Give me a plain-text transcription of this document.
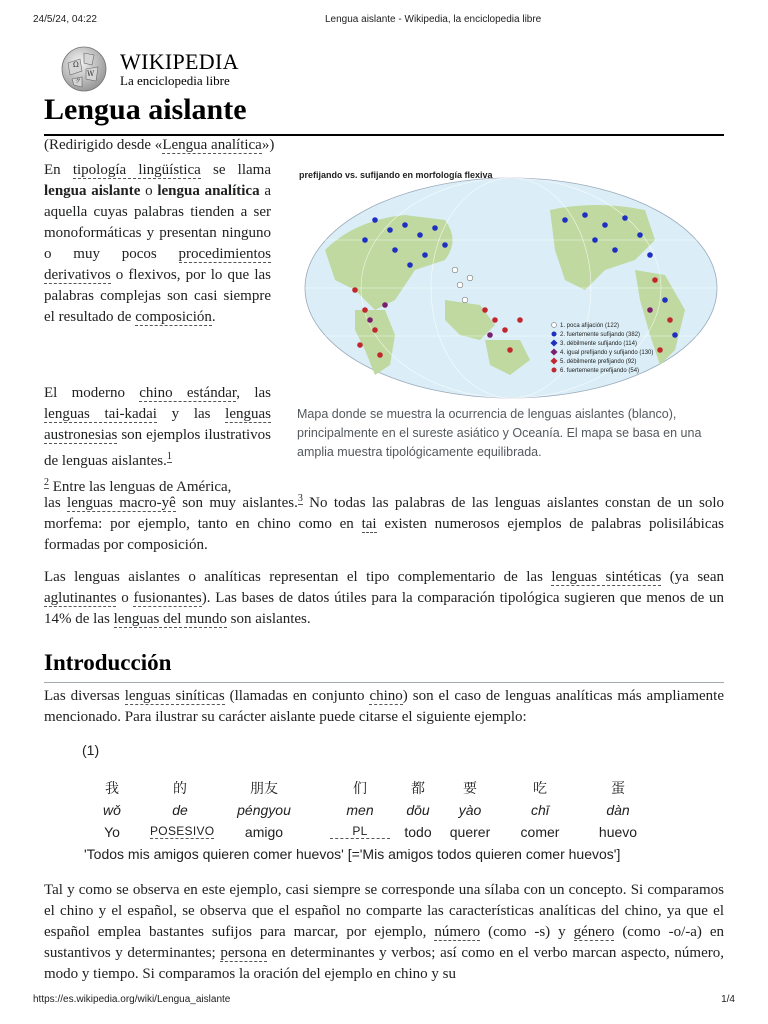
24/5/24, 04:22	Lengua aislante - Wikipedia, la enciclopedia libre
Ω
W
ク
WIKIPEDIA
La enciclopedia libre
Lengua aislante
(Redirigido desde «Lengua analítica»)

En tipología lingüística se llama lengua aislante o lengua analítica a aquella cuyas palabras tienden a ser monoformáticas y presentan ninguno o muy pocos procedimientos derivativos o flexivos, por lo que las palabras complejas son casi siempre el resultado de composición.

El moderno chino estándar, las lenguas tai-kadai y las lenguas austronesias son ejemplos ilustrativos de lenguas aislantes.$^1$
$^2$ Entre las lenguas de América,

1. poca afijación (122)
2. fuertemente sufijando (382)
3. débilmente sufijando (114)
4. igual prefijando y sufijando (130)
5. débilmente prefijando (92)
6. fuertemente prefijando (54)
prefijando vs. sufijando en morfología flexiva
Mapa donde se muestra la ocurrencia de lenguas aislantes (blanco), principalmente en el sureste asiático y Oceanía. El mapa se basa en una amplia muestra tipológicamente equilibrada.

las lenguas macro-yê son muy aislantes.$^3$ No todas las palabras de las lenguas aislantes constan de un solo morfema: por ejemplo, tanto en chino como en tai existen numerosos ejemplos de palabras polisilábicas formadas por composición.

Las lenguas aislantes o analíticas representan el tipo complementario de las lenguas sintéticas (ya sean aglutinantes o fusionantes). Las bases de datos útiles para la comparación tipológica sugieren que menos de un 14% de las lenguas del mundo son aislantes.

Introducción

Las diversas lenguas siníticas (llamadas en conjunto chino) son el caso de lenguas analíticas más ampliamente mencionado. Para ilustrar su carácter aislante puede citarse el siguiente ejemplo:

(1)
我	的	朋友	们	都	要	吃	蛋
wǒ	de	péngyou	men	dōu	yào	chī	dàn
Yo	POSESIVO	amigo	PL	todo	querer	comer	huevo
'Todos mis amigos quieren comer huevos' [='Mis amigos todos quieren comer huevos']

Tal y como se observa en este ejemplo, casi siempre se corresponde una sílaba con un concepto. Si comparamos el chino y el español, se observa que el español no comparte las características analíticas del chino, ya que el español emplea bastantes sufijos para marcar, por ejemplo, número (como -s) y género (como -o/-a) en sustantivos y determinantes; persona en determinantes y verbos; así como en el verbo marcan aspecto, número, modo y tiempo. Si comparamos la oración del ejemplo en chino y su

https://es.wikipedia.org/wiki/Lengua_aislante	1/4
